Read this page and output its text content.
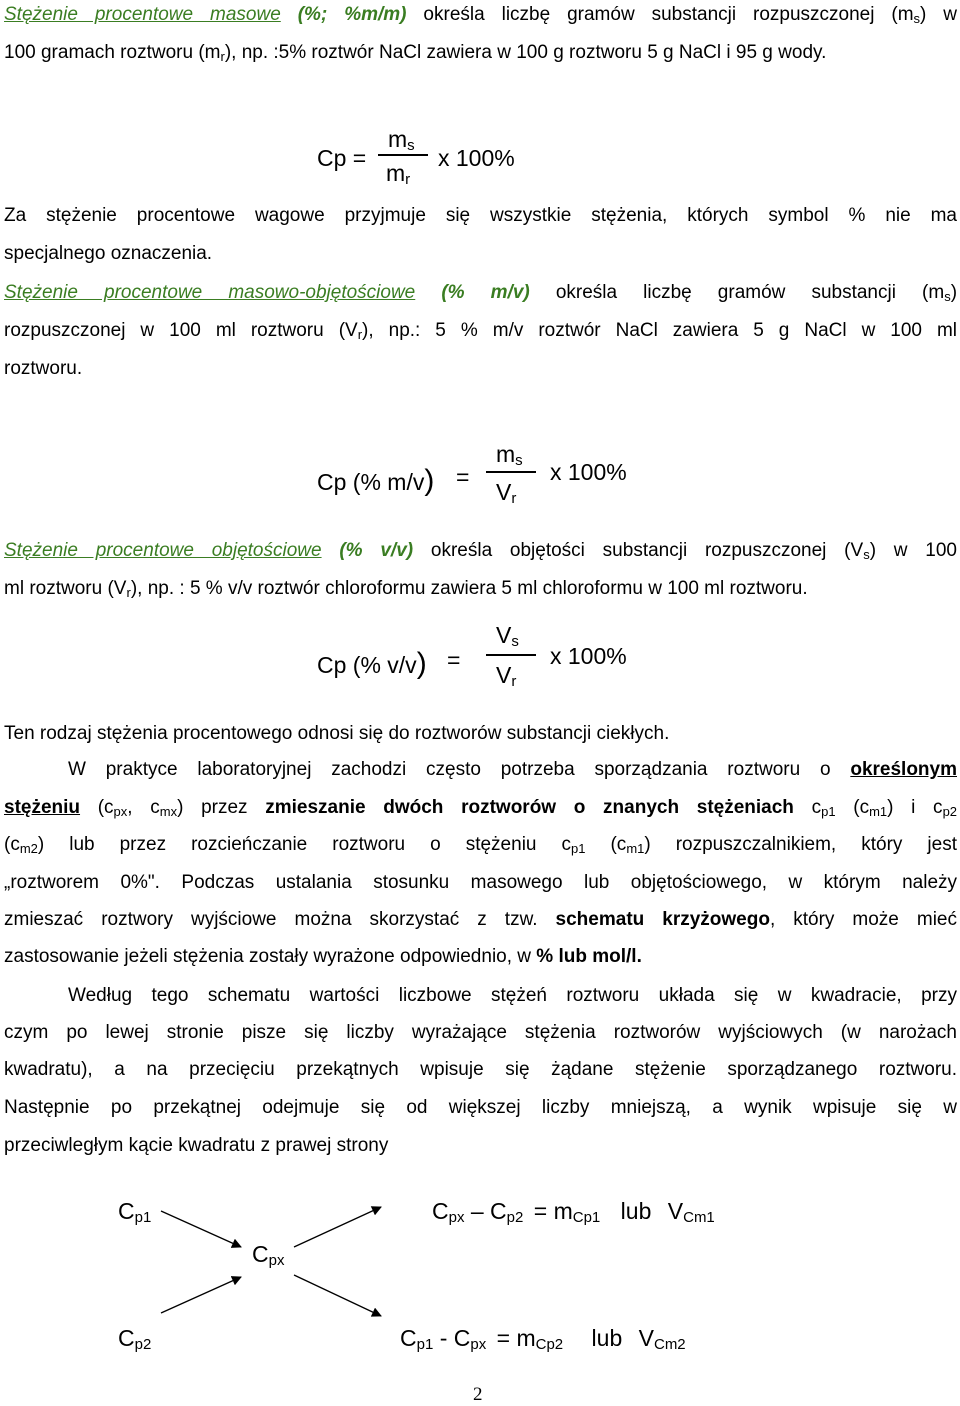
Stężenie procentowe masowe (%; %m/m) określa liczbę gramów substancji rozpuszczonej $(m_s)$ w
100 gramach roztworu $(m_r)$, np. :5% roztwór NaCl zawiera w 100 g roztworu 5 g NaCl i 95 g wody.
Cp =
$m_s$
$m_r$
x 100%
Za stężenie procentowe wagowe przyjmuje się wszystkie stężenia, których symbol % nie ma
specjalnego oznaczenia.
Stężenie procentowe masowo-objętościowe (% m/v) określa liczbę gramów substancji $(m_s)$
rozpuszczonej w 100 ml roztworu $(V_r)$, np.: 5 % m/v roztwór NaCl zawiera 5 g NaCl w 100 ml
roztworu.
Cp (% m/v) =
$m_s$
$V_r$
x 100%
Stężenie procentowe objętościowe (% v/v) określa objętości substancji rozpuszczonej $(V_s)$ w 100
ml roztworu $(V_r)$, np. : 5 % v/v roztwór chloroformu zawiera 5 ml chloroformu w 100 ml roztworu.
Cp (% v/v) =
$V_s$
$V_r$
x 100%
Ten rodzaj stężenia procentowego odnosi się do roztworów substancji ciekłych.
W praktyce laboratoryjnej zachodzi często potrzeba sporządzania roztworu o określonym
stężeniu ($c_{px}$, $c_{mx}$) przez zmieszanie dwóch roztworów o znanych stężeniach $c_{p1}$ $(c_{m1})$ i $c_{p2}$
$(c_{m2})$ lub przez rozcieńczanie roztworu o stężeniu $c_{p1}$ $(c_{m1})$ rozpuszczalnikiem, który jest
„roztworem 0%". Podczas ustalania stosunku masowego lub objętościowego, w którym należy
zmieszać roztwory wyjściowe można skorzystać z tzw. schematu krzyżowego, który może mieć
zastosowanie jeżeli stężenia zostały wyrażone odpowiednio, w % lub mol/l.
Według tego schematu wartości liczbowe stężeń roztworu układa się w kwadracie, przy
czym po lewej stronie pisze się liczby wyrażające stężenia roztworów wyjściowych (w narożach
kwadratu), a na przecięciu przekątnych wpisuje się żądane stężenie sporządzanego roztworu.
Następnie po przekątnej odejmuje się od większej liczby mniejszą, a wynik wpisuje się w
przeciwległym kącie kwadratu z prawej strony
$C_{p1}$
$C_{px}$
$C_{p2}$
$C_{px} - C_{p2} = m_{Cp1}$ lub $V_{Cm1}$
$C_{p1} - C_{px} = m_{Cp2}$ lub $V_{Cm2}$
2
